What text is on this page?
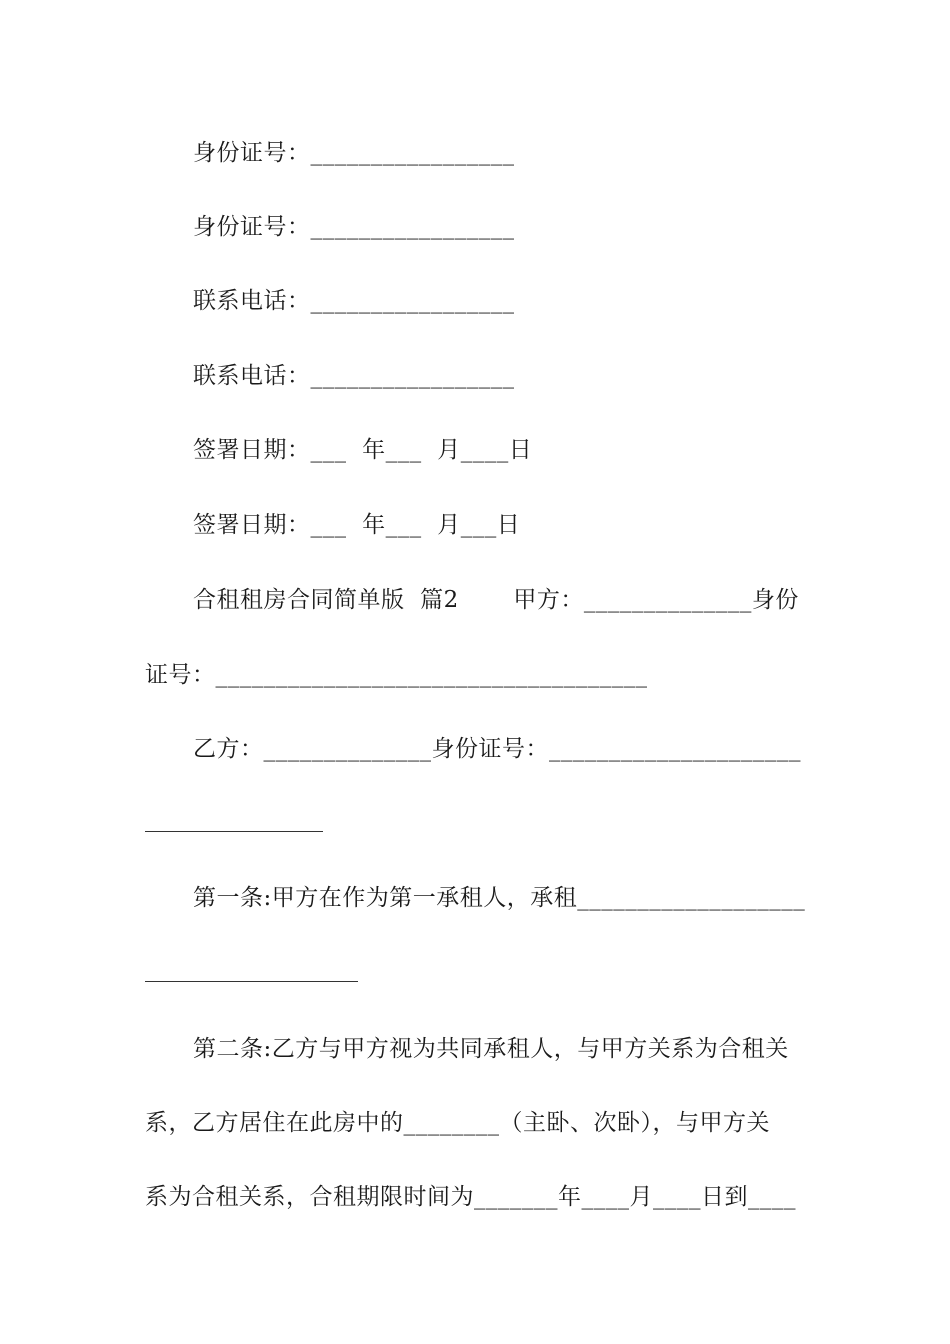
身份证号：_________________
身份证号：_________________
联系电话：_________________
联系电话：_________________
签署日期：___  年___  月____日
签署日期：___  年___  月___日
合租租房合同简单版  篇2       甲方：______________身份
证号：____________________________________
乙方：______________身份证号：_____________________
第一条:甲方在作为第一承租人，承租___________________
第二条:乙方与甲方视为共同承租人，与甲方关系为合租关
系，乙方居住在此房中的________（主卧、次卧），与甲方关
系为合租关系，合租期限时间为_______年____月____日到____
